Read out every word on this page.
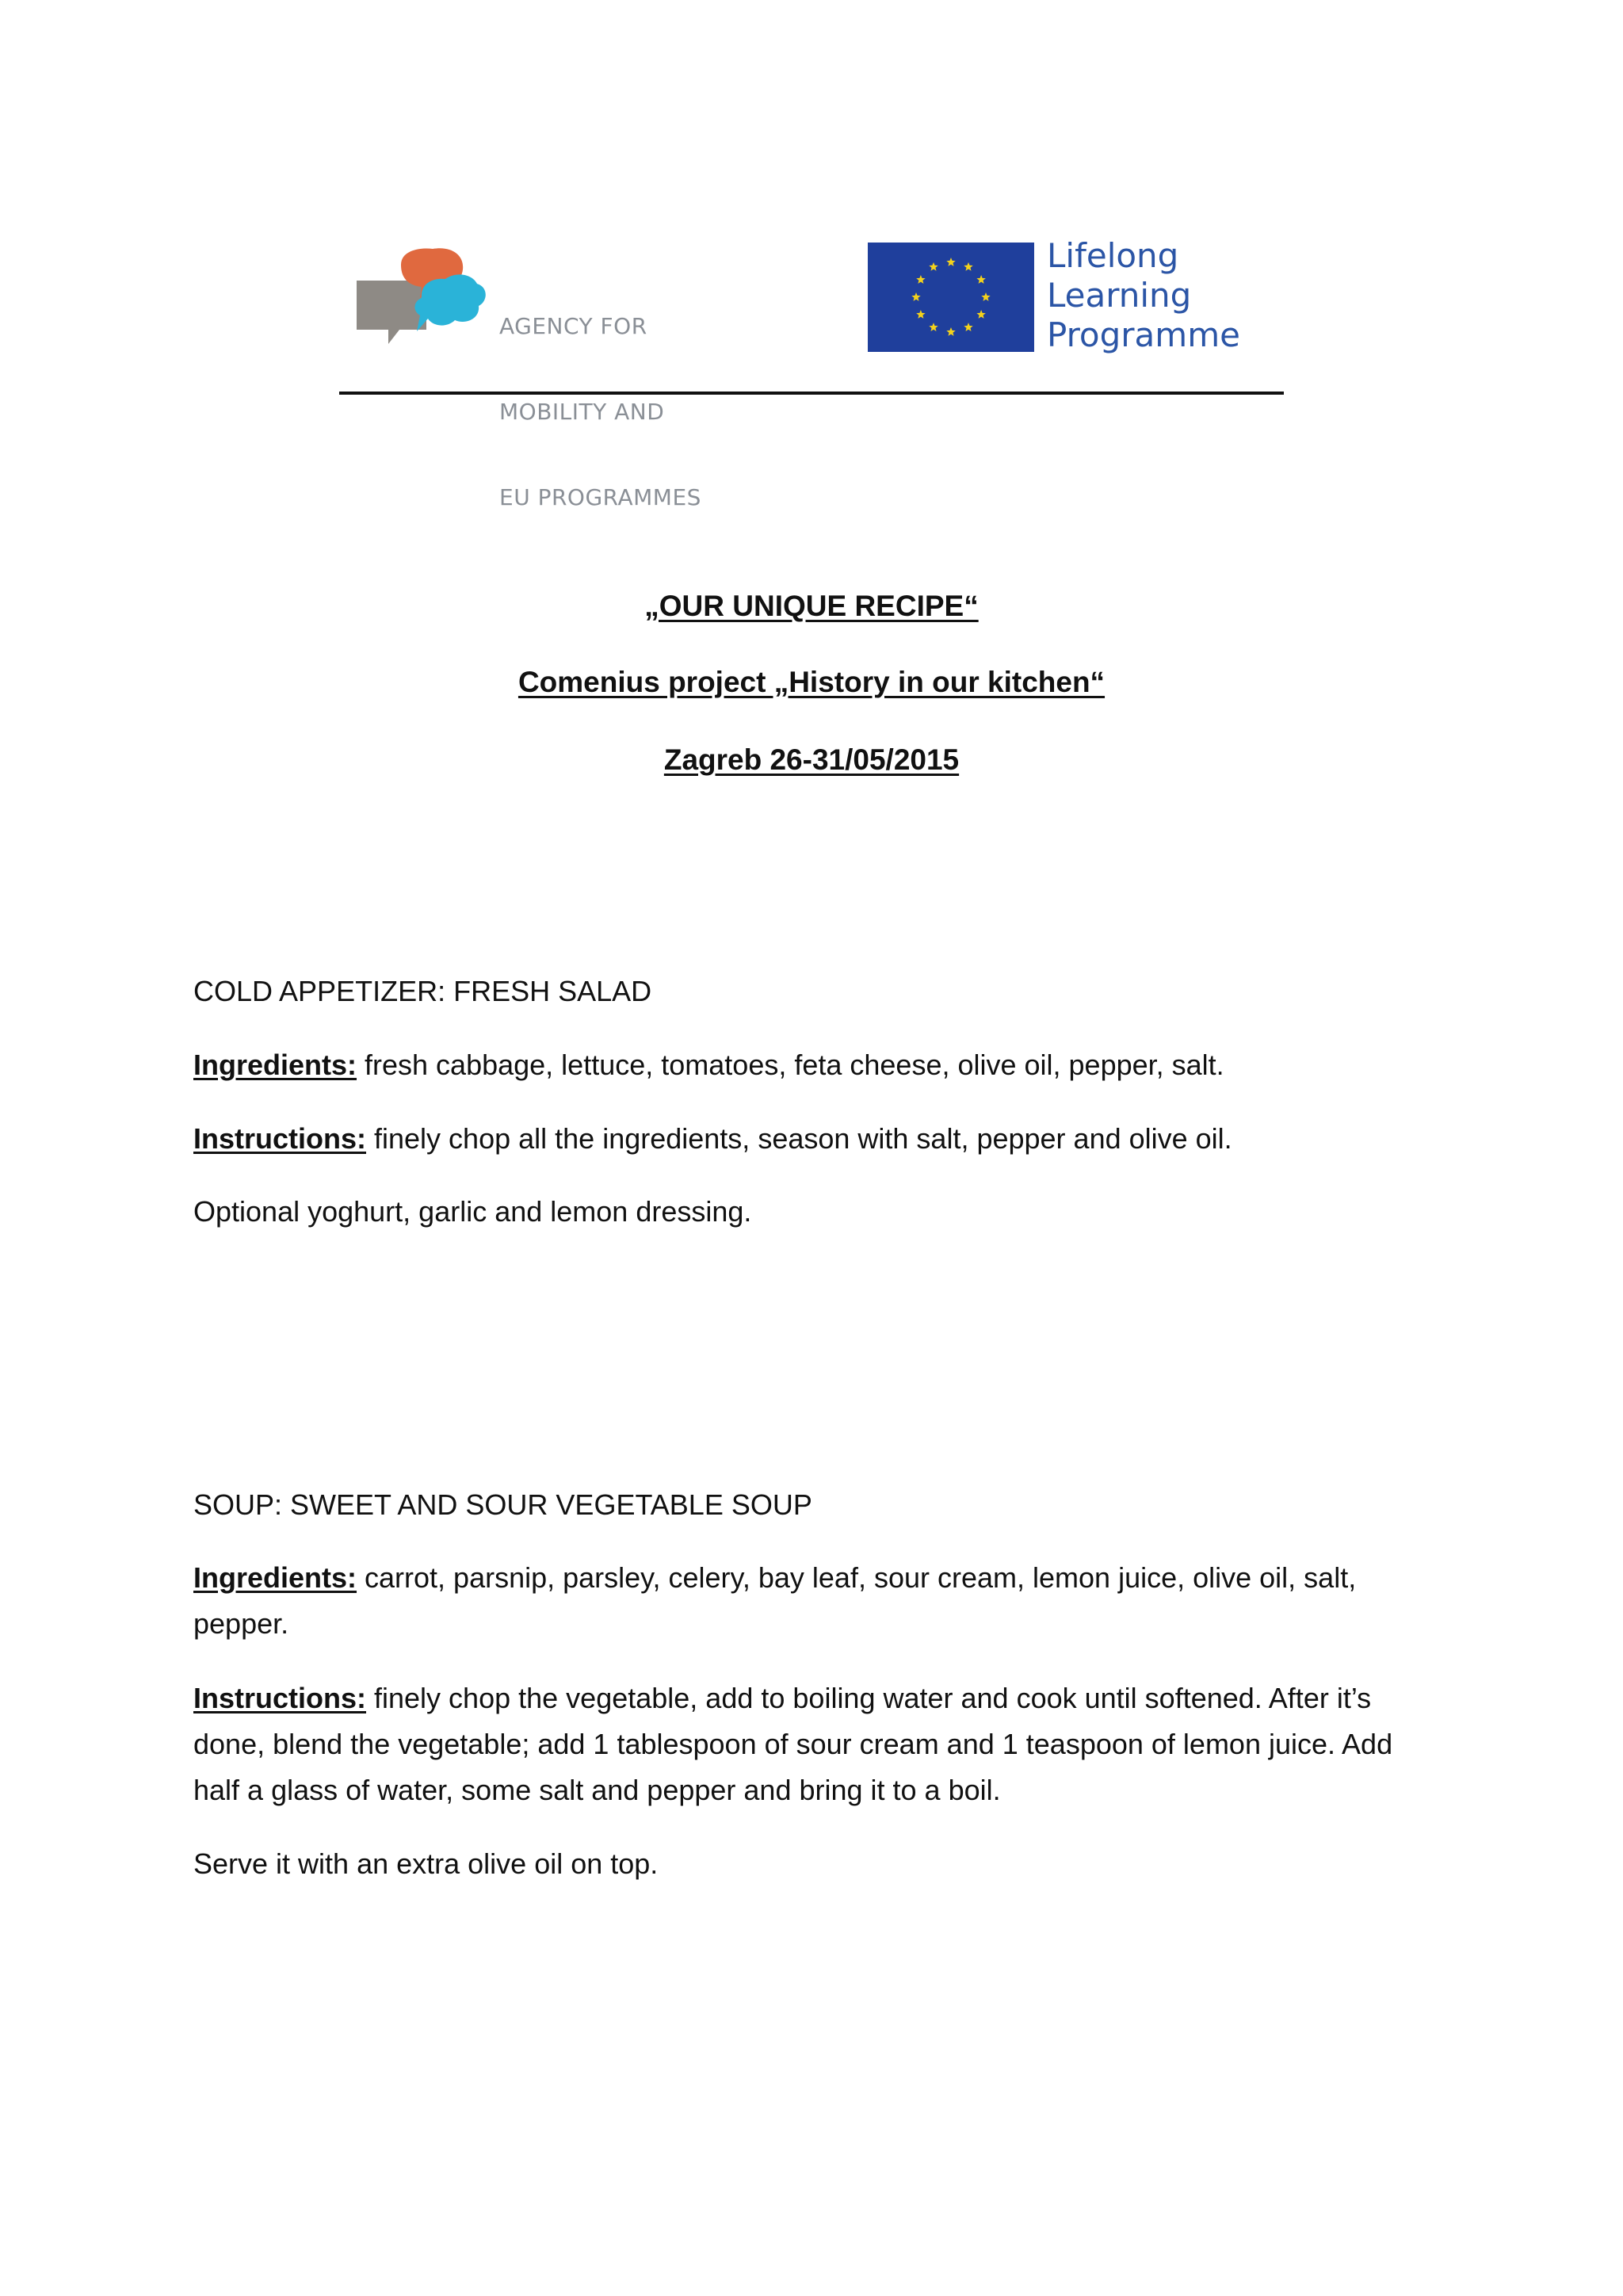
AGENCY FOR

MOBILITY AND

EU PROGRAMMES

Lifelong
Learning
Programme
„OUR UNIQUE RECIPE“
Comenius project „History in our kitchen“
Zagreb 26-31/05/2015
COLD APPETIZER: FRESH SALAD
Ingredients: fresh cabbage, lettuce, tomatoes, feta cheese, olive oil, pepper, salt.
Instructions: finely chop all the ingredients, season with salt, pepper and olive oil.
Optional yoghurt, garlic and lemon dressing.
SOUP: SWEET AND SOUR VEGETABLE SOUP
Ingredients: carrot, parsnip, parsley, celery, bay leaf, sour cream, lemon juice, olive oil, salt, pepper.
Instructions: finely chop the vegetable, add to boiling water and cook until softened. After it’s done, blend the vegetable; add 1 tablespoon of sour cream and 1 teaspoon of lemon juice. Add half a glass of water, some salt and pepper and bring it to a boil.
Serve it with an extra olive oil on top.
